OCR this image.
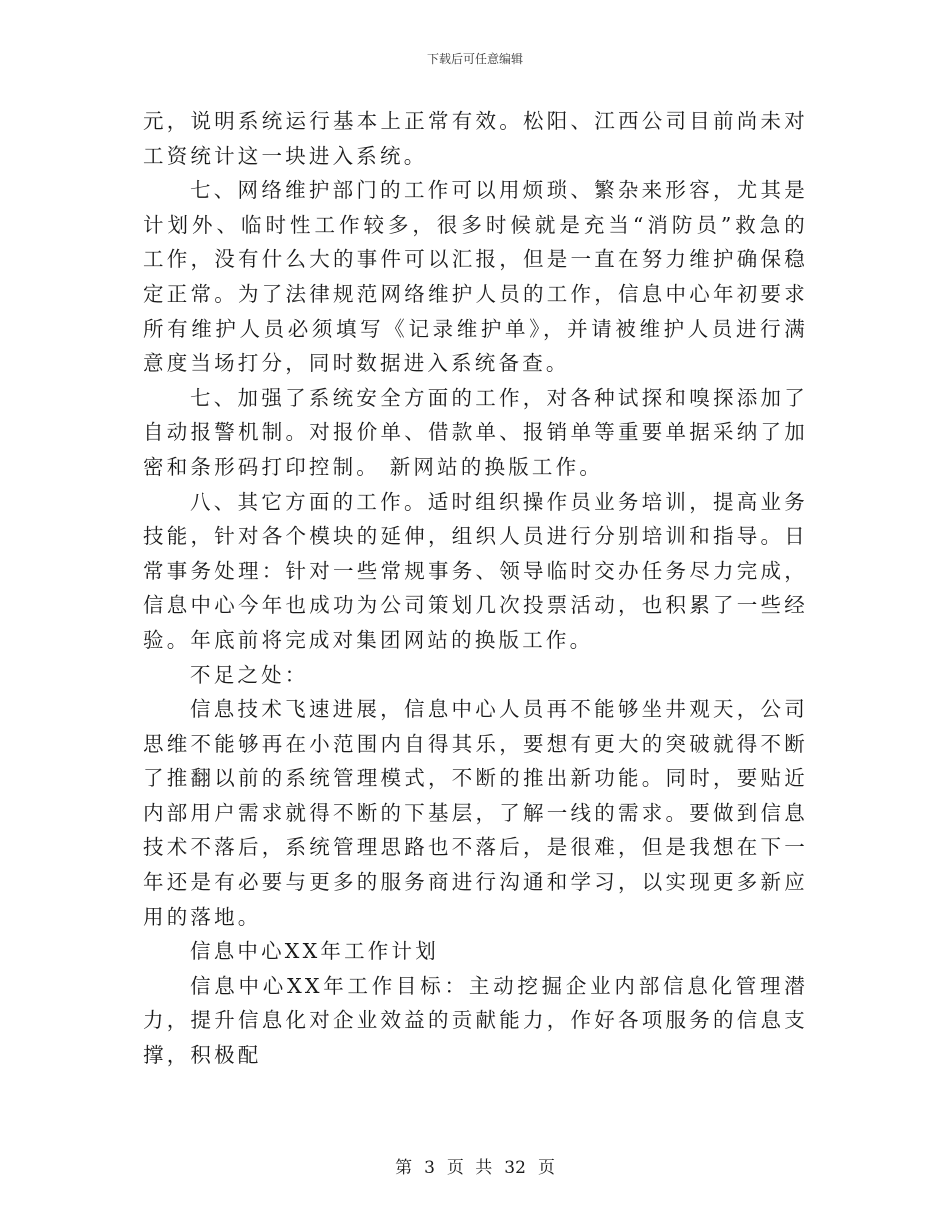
下载后可任意编辑

元，说明系统运行基本上正常有效。松阳、江西公司目前尚未对工资统计这一块进入系统。

七、网络维护部门的工作可以用烦琐、繁杂来形容，尤其是计划外、临时性工作较多，很多时候就是充当“消防员”救急的工作，没有什么大的事件可以汇报，但是一直在努力维护确保稳定正常。为了法律规范网络维护人员的工作，信息中心年初要求所有维护人员必须填写《记录维护单》，并请被维护人员进行满意度当场打分，同时数据进入系统备查。

七、加强了系统安全方面的工作，对各种试探和嗅探添加了自动报警机制。对报价单、借款单、报销单等重要单据采纳了加密和条形码打印控制。 新网站的换版工作。

八、其它方面的工作。适时组织操作员业务培训，提高业务技能，针对各个模块的延伸，组织人员进行分别培训和指导。日常事务处理：针对一些常规事务、领导临时交办任务尽力完成，信息中心今年也成功为公司策划几次投票活动，也积累了一些经验。年底前将完成对集团网站的换版工作。

不足之处：

信息技术飞速进展，信息中心人员再不能够坐井观天，公司思维不能够再在小范围内自得其乐，要想有更大的突破就得不断了推翻以前的系统管理模式，不断的推出新功能。同时，要贴近内部用户需求就得不断的下基层，了解一线的需求。要做到信息技术不落后，系统管理思路也不落后，是很难，但是我想在下一年还是有必要与更多的服务商进行沟通和学习，以实现更多新应用的落地。

信息中心XX年工作计划

信息中心XX年工作目标：主动挖掘企业内部信息化管理潜力，提升信息化对企业效益的贡献能力，作好各项服务的信息支撑，积极配

第 3 页 共 32 页
